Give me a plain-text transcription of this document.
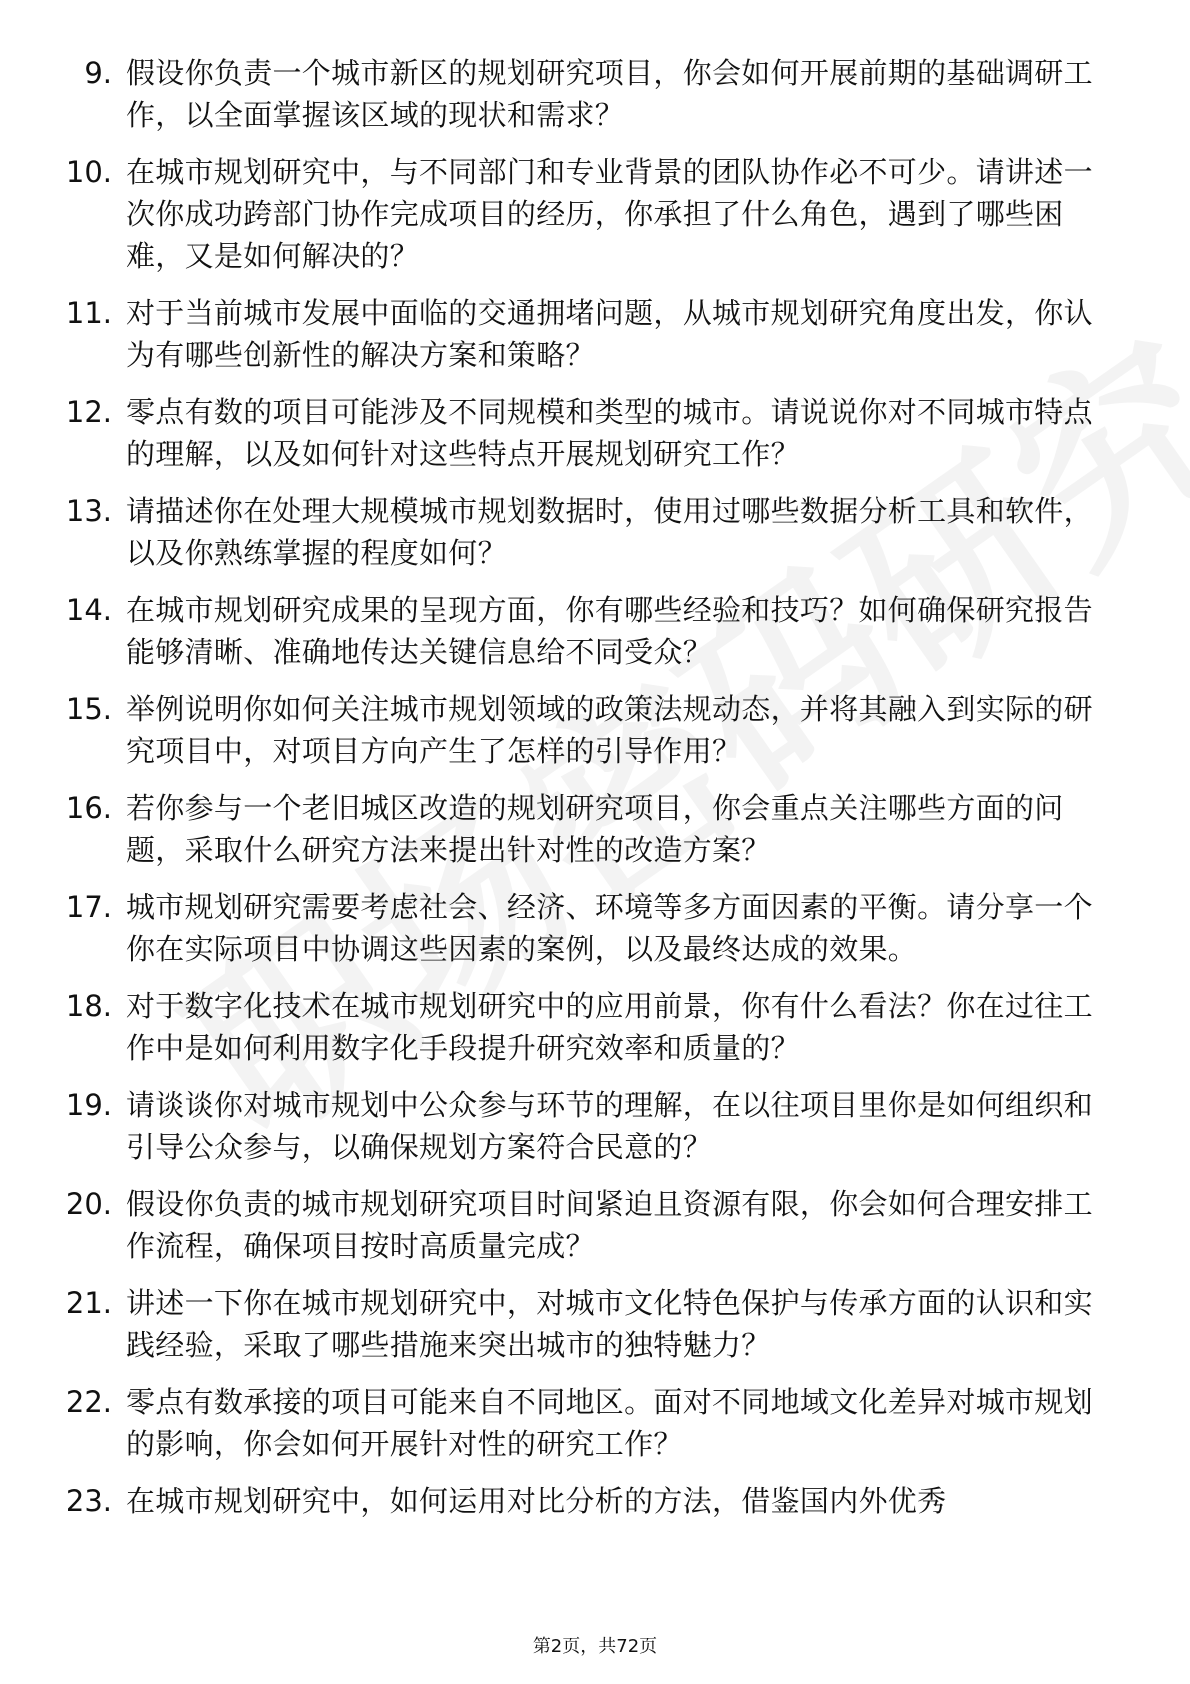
9. 假设你负责一个城市新区的规划研究项目，你会如何开展前期的基础调研工作，以全面掌握该区域的现状和需求？
10. 在城市规划研究中，与不同部门和专业背景的团队协作必不可少。请讲述一次你成功跨部门协作完成项目的经历，你承担了什么角色，遇到了哪些困难，又是如何解决的？
11. 对于当前城市发展中面临的交通拥堵问题，从城市规划研究角度出发，你认为有哪些创新性的解决方案和策略？
12. 零点有数的项目可能涉及不同规模和类型的城市。请说说你对不同城市特点的理解，以及如何针对这些特点开展规划研究工作？
13. 请描述你在处理大规模城市规划数据时，使用过哪些数据分析工具和软件，以及你熟练掌握的程度如何？
14. 在城市规划研究成果的呈现方面，你有哪些经验和技巧？如何确保研究报告能够清晰、准确地传达关键信息给不同受众？
15. 举例说明你如何关注城市规划领域的政策法规动态，并将其融入到实际的研究项目中，对项目方向产生了怎样的引导作用？
16. 若你参与一个老旧城区改造的规划研究项目，你会重点关注哪些方面的问题，采取什么研究方法来提出针对性的改造方案？
17. 城市规划研究需要考虑社会、经济、环境等多方面因素的平衡。请分享一个你在实际项目中协调这些因素的案例，以及最终达成的效果。
18. 对于数字化技术在城市规划研究中的应用前景，你有什么看法？你在过往工作中是如何利用数字化手段提升研究效率和质量的？
19. 请谈谈你对城市规划中公众参与环节的理解，在以往项目里你是如何组织和引导公众参与，以确保规划方案符合民意的？
20. 假设你负责的城市规划研究项目时间紧迫且资源有限，你会如何合理安排工作流程，确保项目按时高质量完成？
21. 讲述一下你在城市规划研究中，对城市文化特色保护与传承方面的认识和实践经验，采取了哪些措施来突出城市的独特魅力？
22. 零点有数承接的项目可能来自不同地区。面对不同地域文化差异对城市规划的影响，你会如何开展针对性的研究工作？
23. 在城市规划研究中，如何运用对比分析的方法，借鉴国内外优秀
第2页，共72页
